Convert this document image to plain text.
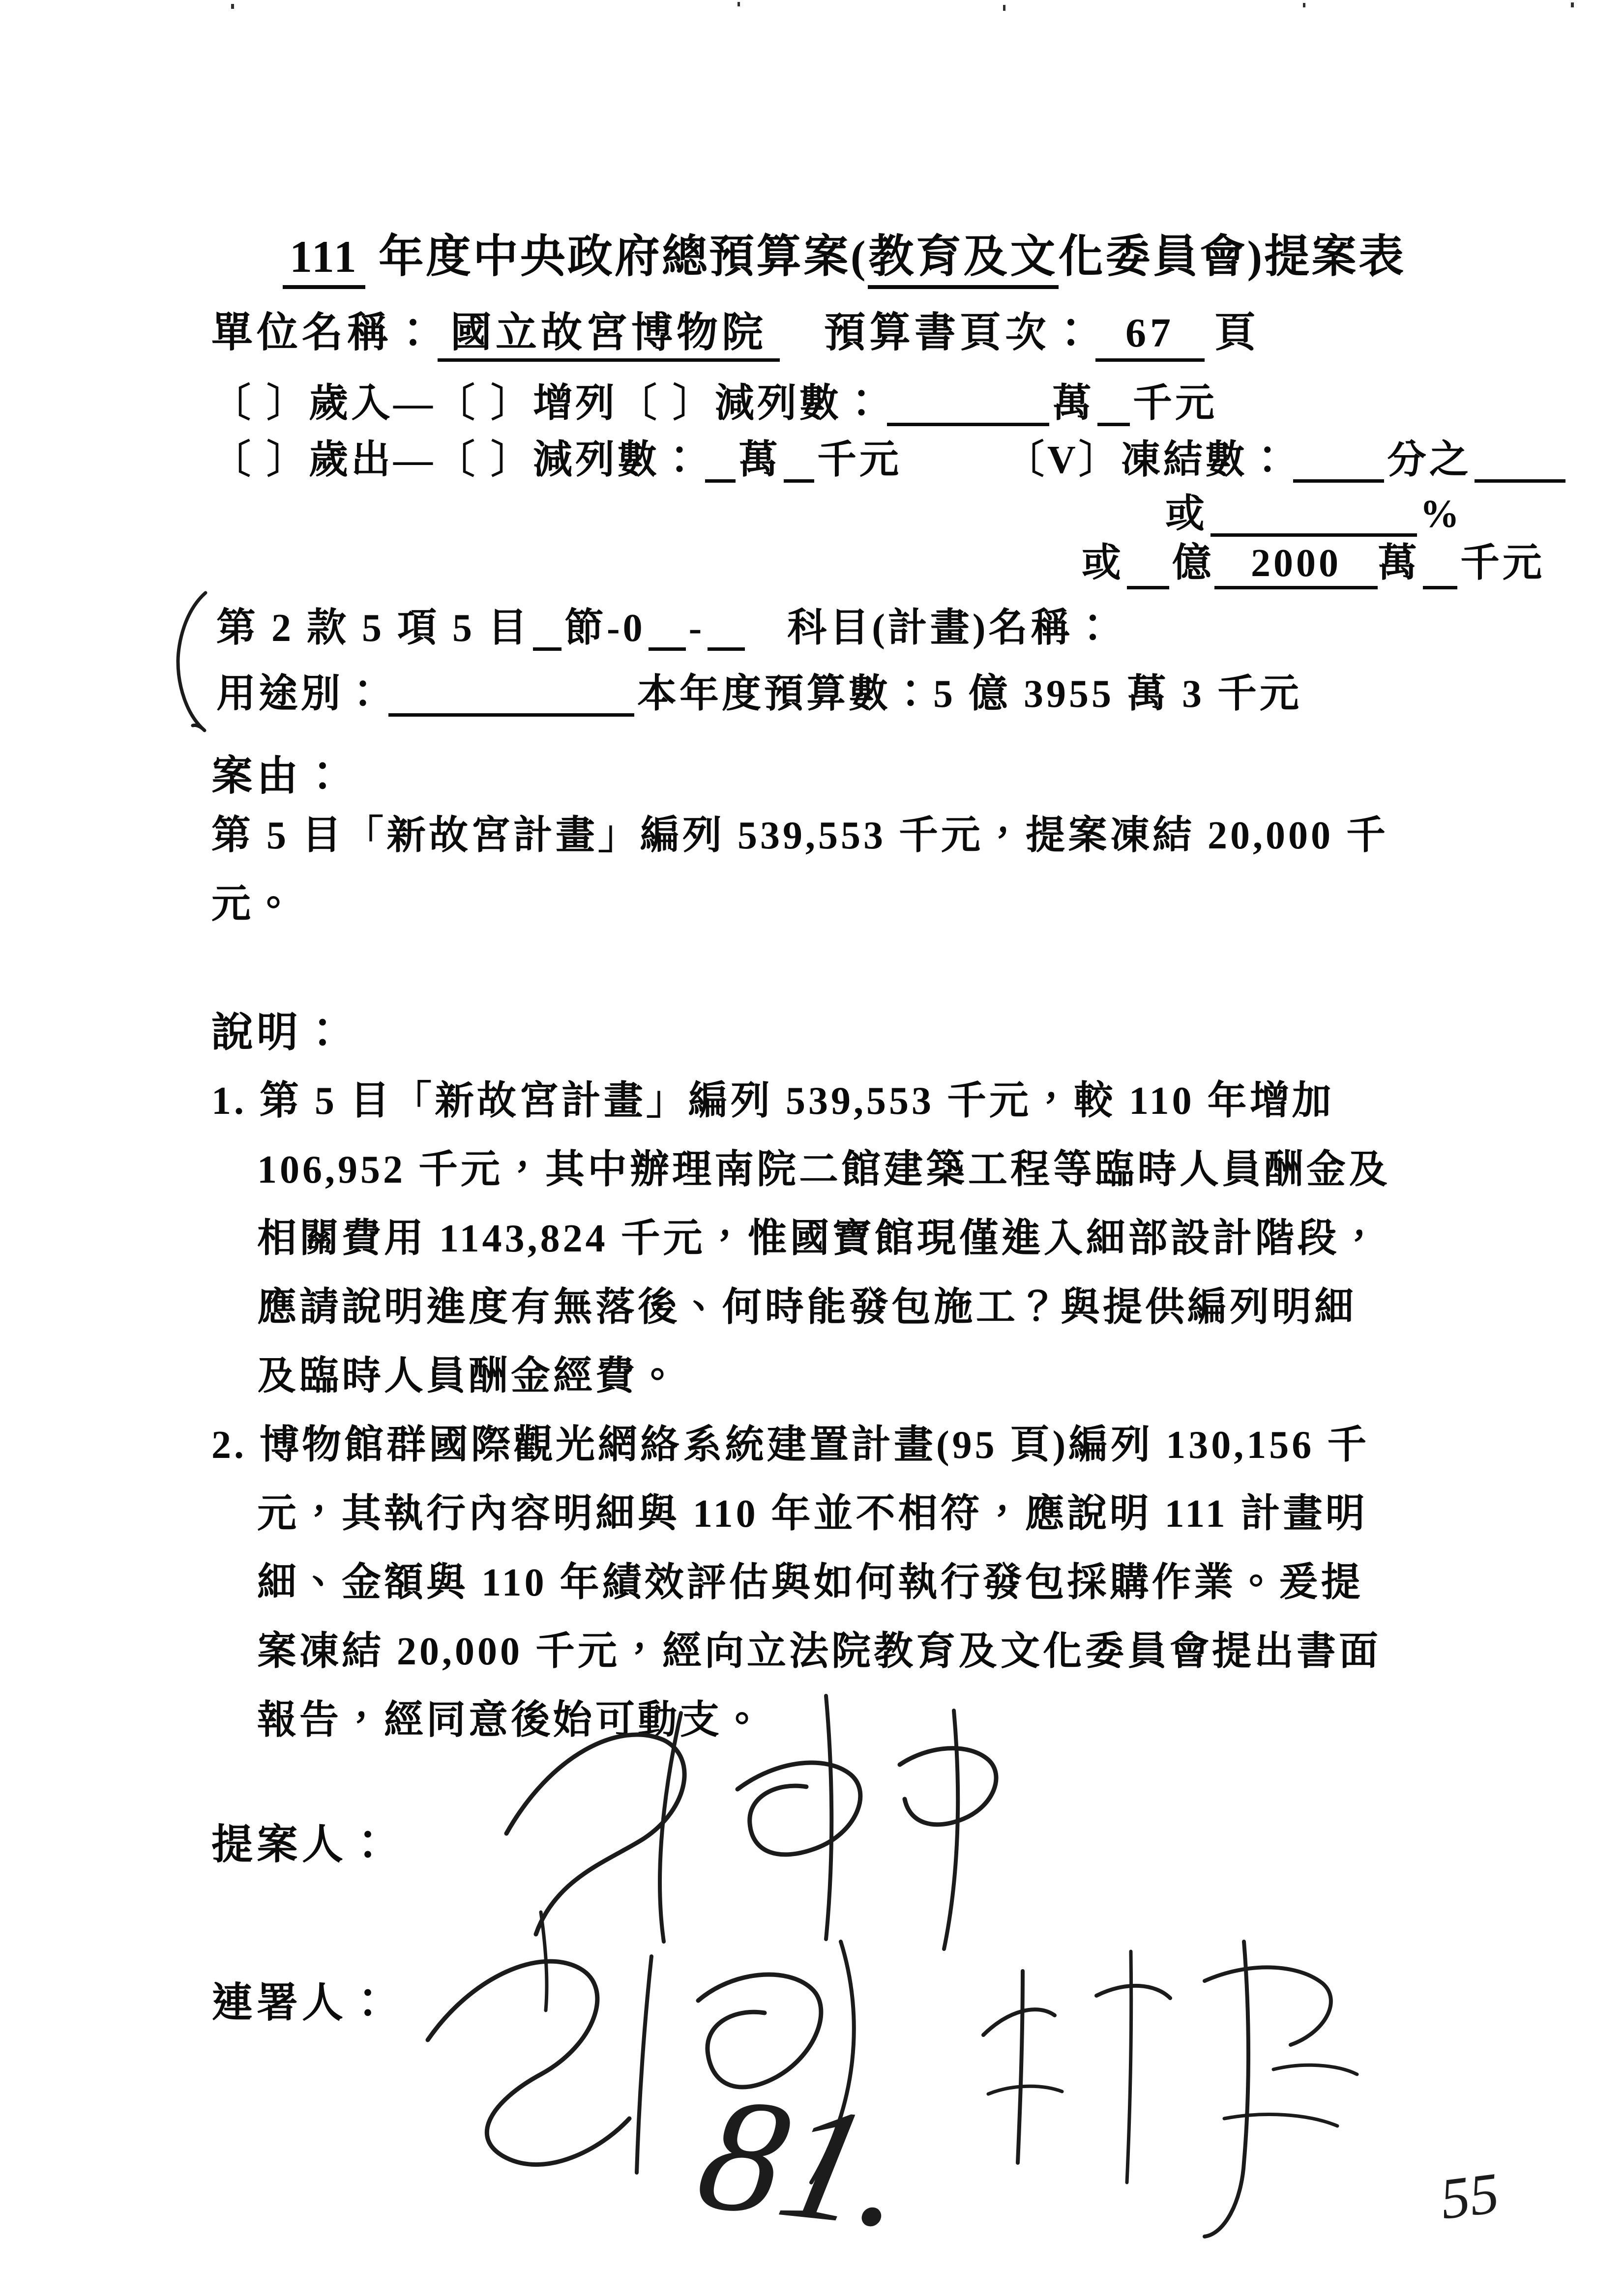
111 年度中央政府總預算案(教育及文化委員會)提案表
單位名稱： 國立故宮博物院 預算書頁次： 67 頁
〔 〕歲入—〔 〕增列〔 〕減列數：	萬 千元
〔 〕歲出—〔 〕減列數： 萬 千元	〔V〕凍結數： 分之
或	%
或 億 2000 萬 千元
第 2 款 5 項 5 目 節-0 - 科目(計畫)名稱：
用途別：	本年度預算數：5 億 3955 萬 3 千元
案由：
第 5 目「新故宮計畫」編列 539,553 千元，提案凍結 20,000 千
元。
說明：
1. 第 5 目「新故宮計畫」編列 539,553 千元，較 110 年增加
106,952 千元，其中辦理南院二館建築工程等臨時人員酬金及
相關費用 1143,824 千元，惟國寶館現僅進入細部設計階段，
應請說明進度有無落後、何時能發包施工？與提供編列明細
及臨時人員酬金經費。
2. 博物館群國際觀光網絡系統建置計畫(95 頁)編列 130,156 千
元，其執行內容明細與 110 年並不相符，應說明 111 計畫明
細、金額與 110 年績效評估與如何執行發包採購作業。爰提
案凍結 20,000 千元，經向立法院教育及文化委員會提出書面
報告，經同意後始可動支。
提案人：
連署人：
81.	55
